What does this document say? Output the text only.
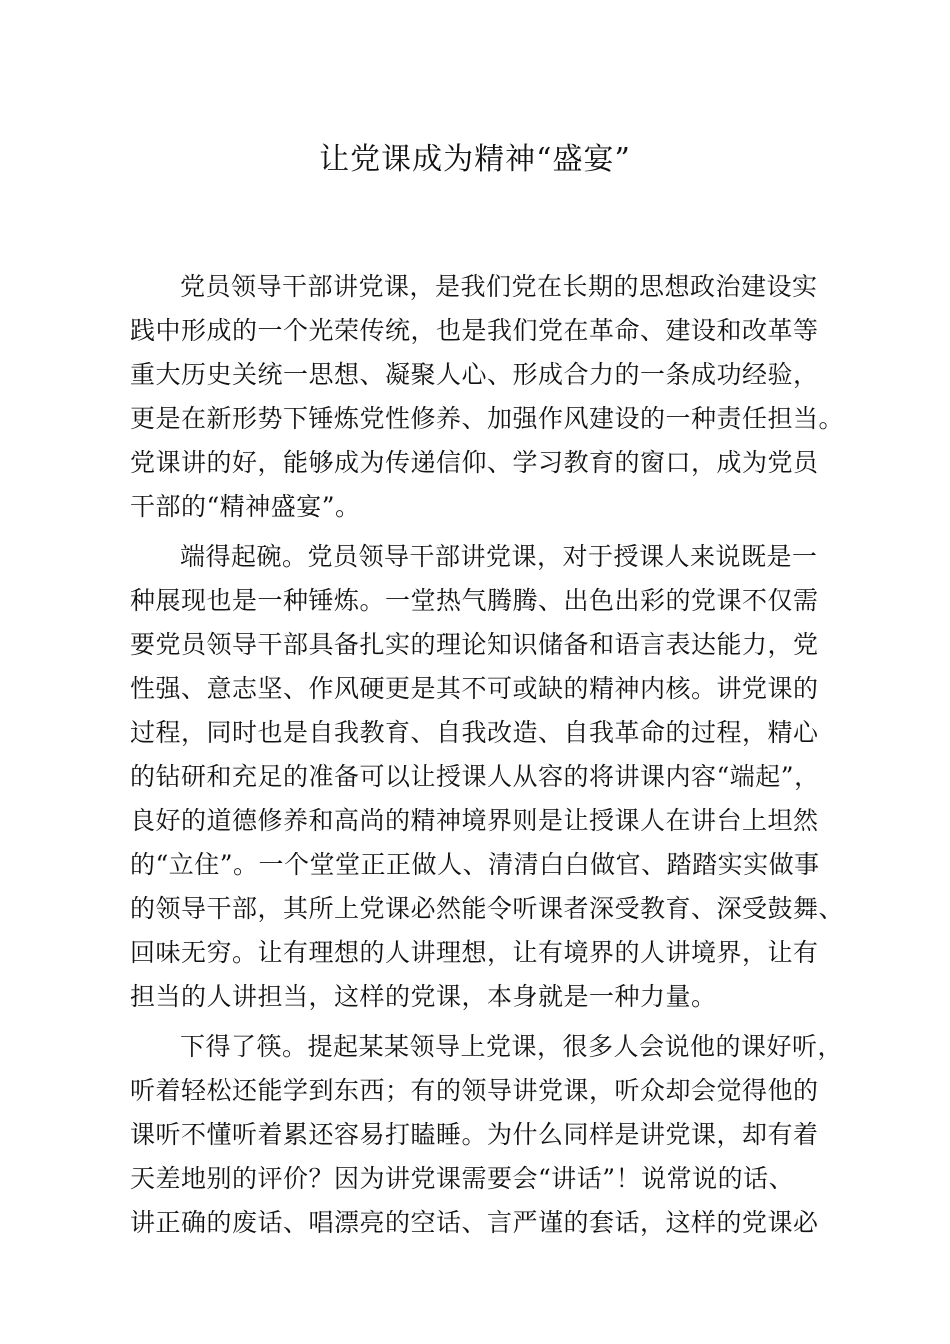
让党课成为精神“盛宴”
党员领导干部讲党课，是我们党在长期的思想政治建设实
践中形成的一个光荣传统，也是我们党在革命、建设和改革等
重大历史关统一思想、凝聚人心、形成合力的一条成功经验，
更是在新形势下锤炼党性修养、加强作风建设的一种责任担当。
党课讲的好，能够成为传递信仰、学习教育的窗口，成为党员
干部的“精神盛宴”。
端得起碗。党员领导干部讲党课，对于授课人来说既是一
种展现也是一种锤炼。一堂热气腾腾、出色出彩的党课不仅需
要党员领导干部具备扎实的理论知识储备和语言表达能力，党
性强、意志坚、作风硬更是其不可或缺的精神内核。讲党课的
过程，同时也是自我教育、自我改造、自我革命的过程，精心
的钻研和充足的准备可以让授课人从容的将讲课内容“端起”，
良好的道德修养和高尚的精神境界则是让授课人在讲台上坦然
的“立住”。一个堂堂正正做人、清清白白做官、踏踏实实做事
的领导干部，其所上党课必然能令听课者深受教育、深受鼓舞、
回味无穷。让有理想的人讲理想，让有境界的人讲境界，让有
担当的人讲担当，这样的党课，本身就是一种力量。
下得了筷。提起某某领导上党课，很多人会说他的课好听，
听着轻松还能学到东西；有的领导讲党课，听众却会觉得他的
课听不懂听着累还容易打瞌睡。为什么同样是讲党课，却有着
天差地别的评价？因为讲党课需要会“讲话”！说常说的话、
讲正确的废话、唱漂亮的空话、言严谨的套话，这样的党课必
